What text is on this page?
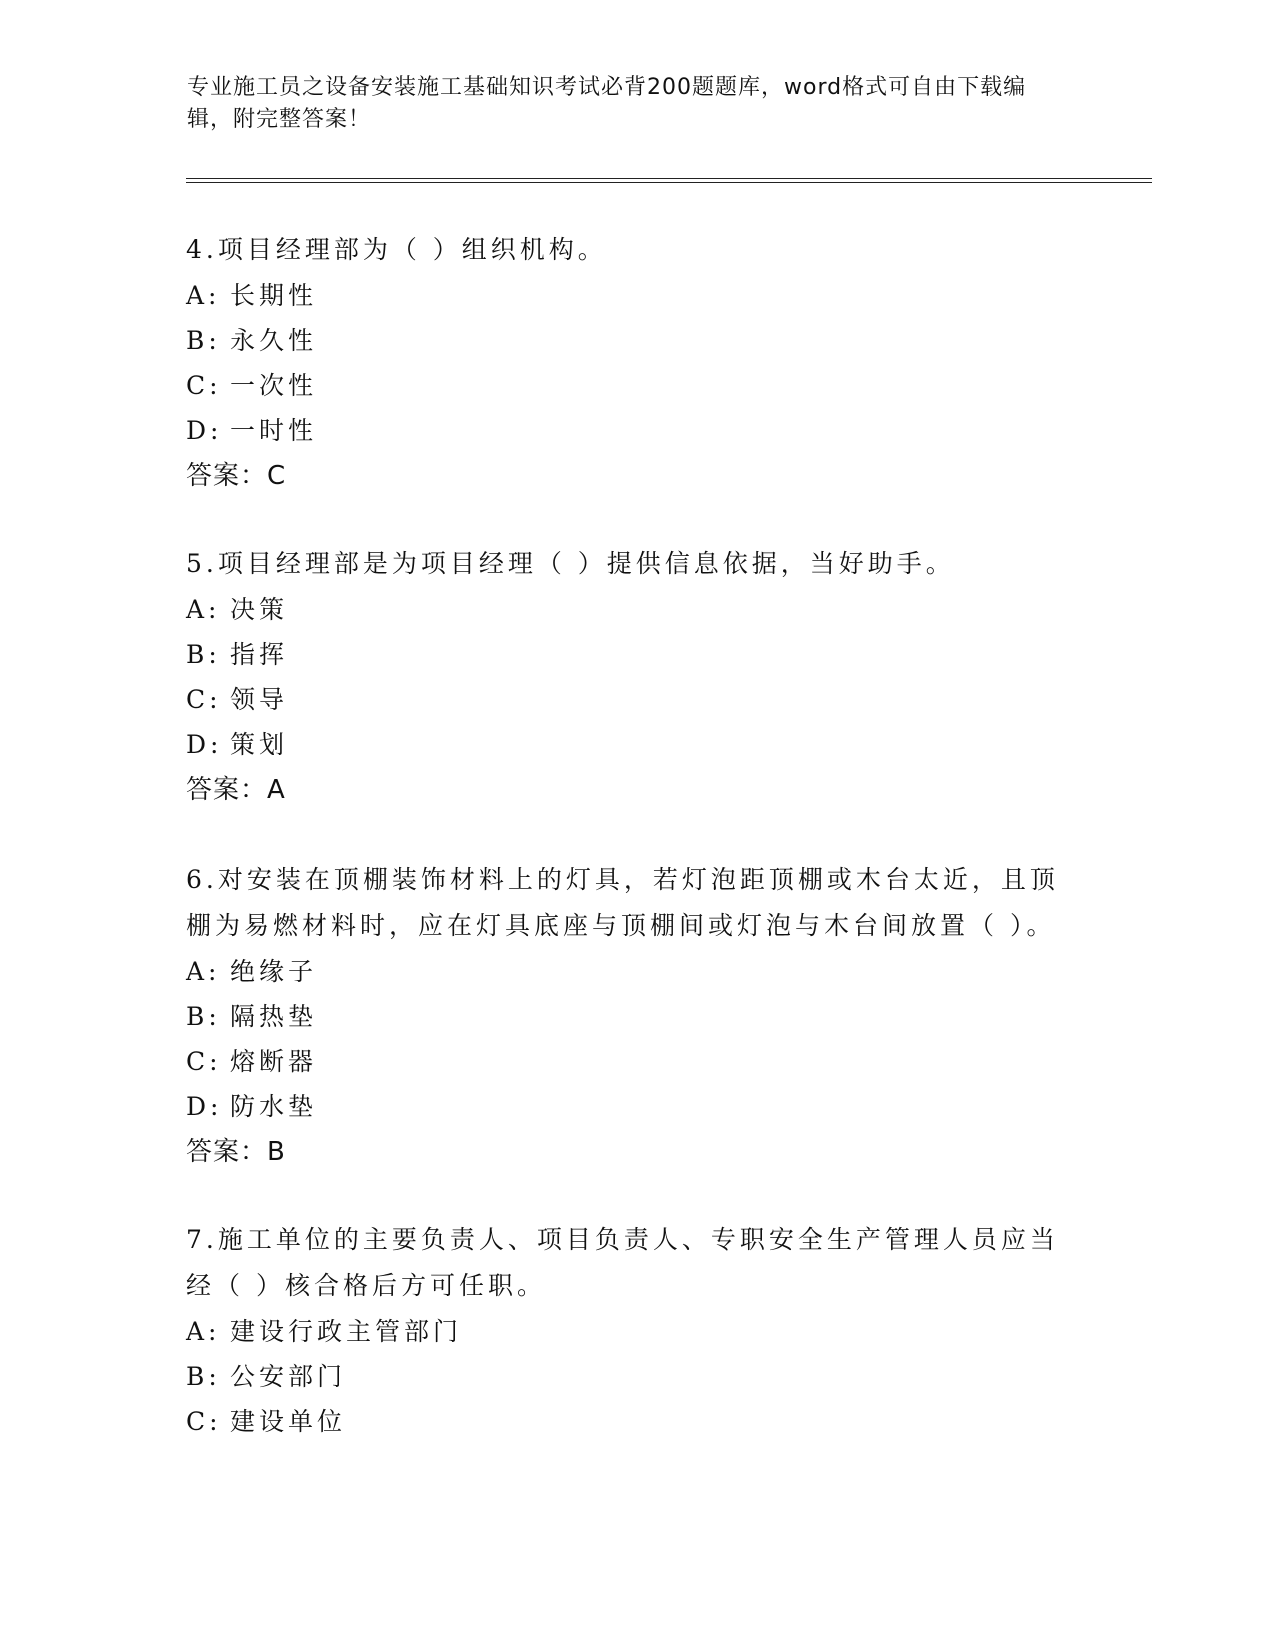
专业施工员之设备安装施工基础知识考试必背200题题库，word格式可自由下载编辑，附完整答案！

4.项目经理部为（ ）组织机构。

A: 长期性
B: 永久性
C: 一次性
D: 一时性
答案：C

5.项目经理部是为项目经理（ ）提供信息依据，当好助手。

A: 决策
B: 指挥
C: 领导
D: 策划
答案：A

6.对安装在顶棚装饰材料上的灯具，若灯泡距顶棚或木台太近，且顶棚为易燃材料时，应在灯具底座与顶棚间或灯泡与木台间放置（ ）。

A: 绝缘子
B: 隔热垫
C: 熔断器
D: 防水垫
答案：B

7.施工单位的主要负责人、项目负责人、专职安全生产管理人员应当经（ ）核合格后方可任职。

A: 建设行政主管部门
B: 公安部门
C: 建设单位
